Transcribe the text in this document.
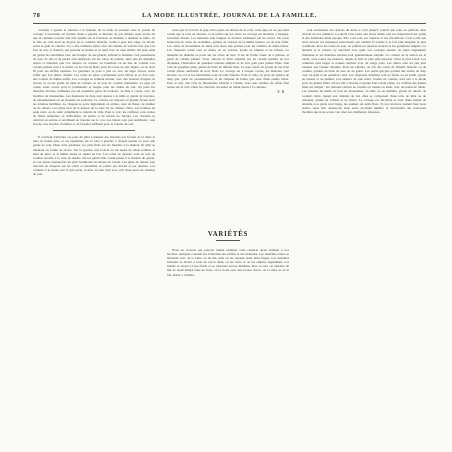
78	LA MODE ILLUSTRÉE, JOURNAL DE LA FAMILLE.

convient à garder et sauvent à la hauteur de la taille en passant sous la pointe du corsage. L'ouverture est formée d'une à gauche et dérobée au pas simple; nous avons dit que la ceinture-corselet doit être ajustée sur le fourreau, de manière à dessiner la taille; on la fixe au côté droit au moyen de la ceinture blanche. Celle-ci peut être large ou étroite selon le goût de chacun. Il y a des ceintures faites avec des rubans de velours noir que l'on fixe au dos, et d'autres, qui peuvent se fermer et se tenir avec ou sans tablier. On peut aussi en garnir les extrémités avec des franges ou des glands, suivant la fantaisie. Les passements de soie, de jais et de perles sont employés sur les robes de toilette, ainsi que les dentelles noires et blanches que l'on dispose en volants, en bouillons ou en tête de volants. Les volants plissés sont à la mode; on les fait en biais, pour les robes de soie légère, ou en droit fil pour les étoffes épaisses. La garniture se pose à plat ou avec un léger froncé, selon l'effet que l'on désire obtenir. Les robes de laine conviennent pour l'hiver et se font avec des volants de même étoffe. Les corsages se ferment devant, avec des boutons d'argent ou d'acier, et on les garnit de biais de velours ou de soie de couleur tranchante. La jupe est ronde, assez courte pour la promenade, et longue pour les visites du soir. On porte les manches étroites, terminées par un parement garni de boutons, ou bien à coude, avec un bouillon de mousseline. Les manteaux de drap sont ajustés à la taille et garnis de fourrure, de passementerie ou de broderie en soutache. Le velours est toujours en grande faveur pour les toilettes habillées. Le chapeau se porte légèrement en arrière, orné de fleurs, de plumes ou de rubans. Les gants sont de la nuance de la robe ou de couleur claire. Les bottines de peau noire ou de satin complètent la toilette de ville. Pour le soir, les coiffures sont ornées de fleurs naturelles ou artificielles, de perles et de rubans de velours. Les cheveux se relèvent en arrière et retombent en boucles sur le cou. Les bijoux sont peu nombreux : une broche, des boucles d'oreilles et un bracelet suffisent pour la toilette du soir.

Il convient d'attacher ces pans du gilet à hauteur des hanches par le haut de la taille et plus ou moins près, et ces épaulettes sur la robe à gauche; à chaque épaule on pose une ganse de soie. Dans cette garniture, les pans fixés sur les hanches à la hauteur du gilet se rabattent en forme de revers. Sur la gauche, une boucle ou un nœud de ruban termine le haut du gilet, et le même nœud se répète en bas. Les robes de dessous sont en soie de couleur assortie à la robe de dessus. On les garnit d'un volant plissé à la hauteur du genou, et l'on ajoute quelquefois un petit bouillonné au-dessus du volant. Les jupes de dessus sont relevées en draperie sur les côtés et retombent en pointe par devant et par derrière. Les couleurs à la mode sont le gris perle, le lilas, le bleu clair et le vert d'eau pour les toilettes de jour.

sorte que le bord de la jupe arrive juste au niveau de la robe; cette jupe est un peu plus courte que la robe de dessous, et se relève sur les côtés. Le corsage est montant, à basques, boutonné devant. Les manches sont longues et étroites, terminées par un revers. On porte beaucoup de robes de cachemire, garnies de velours de la même nuance, ou de soie faille. Les robes de mousseline de laine sont aussi très portées pour les toilettes de demi-saison. Les chapeaux ronds sont en feutre ou en velours, garnis de plumes et de rubans. Le mantelet de dentelle se porte sur les robes de soie; il est de forme ronde ou à pointes, et garni de volants plissés. Voici, suivant le désir exprimé par un certain nombre de nos abonnées, l'indication de quelques toilettes simples et de bon goût pour jeunes filles. Une robe de popeline grise, garnie de biais de taffetas bleu. La jupe ronde est garnie au bas d'un volant plissé, surmonté de trois biais. Le corsage est à basque courte, les manches sont étroites. Le col et les manchettes sont en toile blanche. Pour la ville, on porte un paletot de drap gris, garni de passementerie, et un chapeau de feutre gris orné d'une plume bleue. Pour le soir, une robe de mousseline blanche à volants, avec une ceinture de ruban bleu nouée sur le côté. Dans les cheveux, un nœud de ruban pareil à la ceinture.

E. R.
VARIÉTÉS

Nous ne croyons pas pouvoir mieux terminer cette causerie qu'en donnant à nos lectrices quelques conseils sur l'entretien des étoffes et des dentelles. Les dentelles noires se nettoient avec de la bière ou du thé, puis on les repasse entre deux linges. Les dentelles blanches se lavent à l'eau de savon tiède, on les rince et on les empèse légèrement. Les rubans se lavent à l'eau froide et se repassent encore humides. Pour la soie, on emploie du fiel de bœuf délayé dans de l'eau; on la frotte avec une brosse douce, on la rince et on la fait sécher à l'ombre.

sont enchantées des articles du mois et vont jusqu'à vouloir que nous en parlions dans chacun de nos numéros. La mode n'est point une chose futile; elle est l'expression des goûts et des habitudes d'une époque. Elle a ses lois, ses caprices et ses révolutions. C'est à elle que nous devons ces heureuses innovations qui rendent la toilette à la fois plus élégante et plus commode. Pour les robes de soie, on préfère les nuances douces et les garnitures simples. La dentelle et le velours s'y associent avec goût. Les corsages ajustés, les jupes légèrement traînantes et les manches étroites sont généralement adoptés. La couleur de la saison est le violet, sous toutes ses nuances, depuis le lilas le plus pâle jusqu'au violet le plus foncé. Les ceintures sont larges et nouées derrière avec de longs pans. Les tailles sont un peu plus longues que l'année dernière. Pour les enfants, on fait des robes de flanelle blanche ou de couleur, garnies de biais de soie ou de galon. Les petits garçons portent des vestes de drap avec un gilet et un pantalon court. Les chapeaux d'enfants sont en feutre ou en paille, garnis de rubans et de plumes. Les tabliers de soie noire, brodés en couleur, sont très à la mode pour les jeunes filles. On les fait à bavette et garnis d'un volant plissé. La coiffure des jeunes filles est simple : les cheveux relevés en torsade ou tressés en natte, avec un nœud de ruban. Les bonnets du matin se font en mousseline, en tulle ou en dentelle, garnis de rubans de couleur claire. Quant aux toilettes de bal, elles se composent d'une robe de tulle ou de tarlatane, garnie de volants et de fleurs. Le corsage est décolleté et orné d'une berthe de dentelle. Les gants sont longs, les souliers de satin blanc. Si nos lectrices veulent bien nous suivre, nous leur donnerons dans notre prochain numéro la description des nouveaux modèles que nous avons vus chez nos meilleures faiseuses.
